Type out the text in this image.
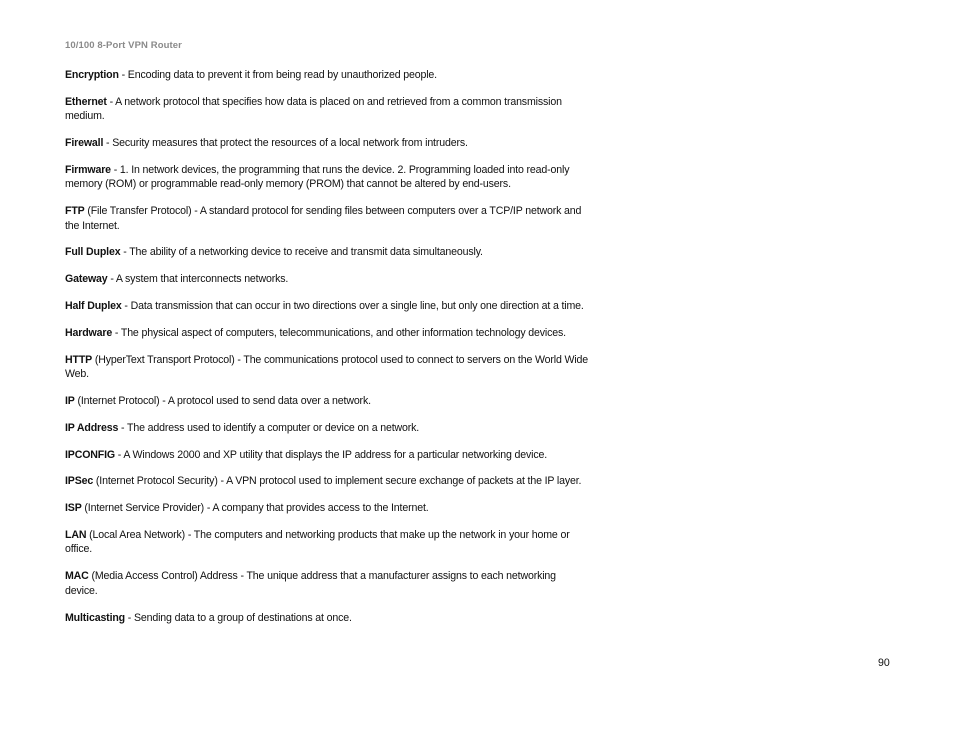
10/100 8-Port VPN Router

Encryption - Encoding data to prevent it from being read by unauthorized people.

Ethernet - A network protocol that specifies how data is placed on and retrieved from a common transmission medium.

Firewall - Security measures that protect the resources of a local network from intruders.

Firmware - 1. In network devices, the programming that runs the device. 2. Programming loaded into read-only memory (ROM) or programmable read-only memory (PROM) that cannot be altered by end-users.

FTP (File Transfer Protocol) - A standard protocol for sending files between computers over a TCP/IP network and the Internet.

Full Duplex - The ability of a networking device to receive and transmit data simultaneously.

Gateway - A system that interconnects networks.

Half Duplex - Data transmission that can occur in two directions over a single line, but only one direction at a time.

Hardware - The physical aspect of computers, telecommunications, and other information technology devices.

HTTP (HyperText Transport Protocol) - The communications protocol used to connect to servers on the World Wide Web.

IP (Internet Protocol) - A protocol used to send data over a network.

IP Address - The address used to identify a computer or device on a network.

IPCONFIG - A Windows 2000 and XP utility that displays the IP address for a particular networking device.

IPSec (Internet Protocol Security) - A VPN protocol used to implement secure exchange of packets at the IP layer.

ISP (Internet Service Provider) - A company that provides access to the Internet.

LAN (Local Area Network) - The computers and networking products that make up the network in your home or office.

MAC (Media Access Control) Address - The unique address that a manufacturer assigns to each networking device.

Multicasting - Sending data to a group of destinations at once.

90
